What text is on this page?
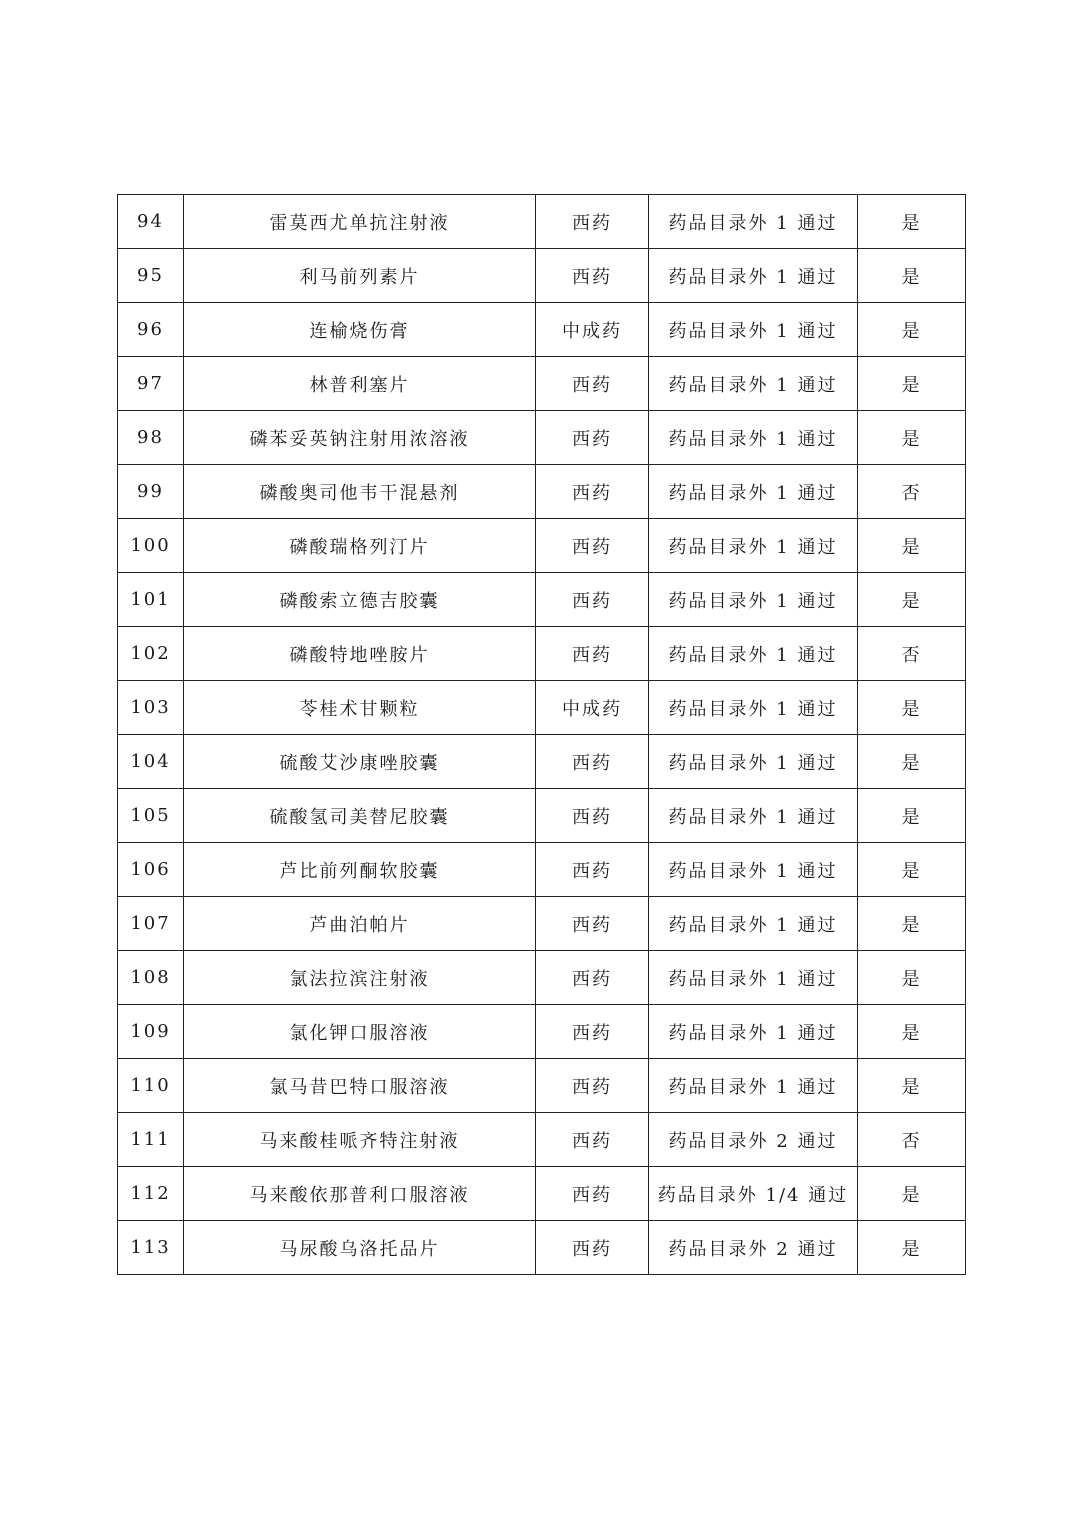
94	雷莫西尤单抗注射液	西药	药品目录外 1 通过	是
95	利马前列素片	西药	药品目录外 1 通过	是
96	连榆烧伤膏	中成药	药品目录外 1 通过	是
97	林普利塞片	西药	药品目录外 1 通过	是
98	磷苯妥英钠注射用浓溶液	西药	药品目录外 1 通过	是
99	磷酸奥司他韦干混悬剂	西药	药品目录外 1 通过	否
100	磷酸瑞格列汀片	西药	药品目录外 1 通过	是
101	磷酸索立德吉胶囊	西药	药品目录外 1 通过	是
102	磷酸特地唑胺片	西药	药品目录外 1 通过	否
103	苓桂术甘颗粒	中成药	药品目录外 1 通过	是
104	硫酸艾沙康唑胶囊	西药	药品目录外 1 通过	是
105	硫酸氢司美替尼胶囊	西药	药品目录外 1 通过	是
106	芦比前列酮软胶囊	西药	药品目录外 1 通过	是
107	芦曲泊帕片	西药	药品目录外 1 通过	是
108	氯法拉滨注射液	西药	药品目录外 1 通过	是
109	氯化钾口服溶液	西药	药品目录外 1 通过	是
110	氯马昔巴特口服溶液	西药	药品目录外 1 通过	是
111	马来酸桂哌齐特注射液	西药	药品目录外 2 通过	否
112	马来酸依那普利口服溶液	西药	药品目录外 1/4 通过	是
113	马尿酸乌洛托品片	西药	药品目录外 2 通过	是
